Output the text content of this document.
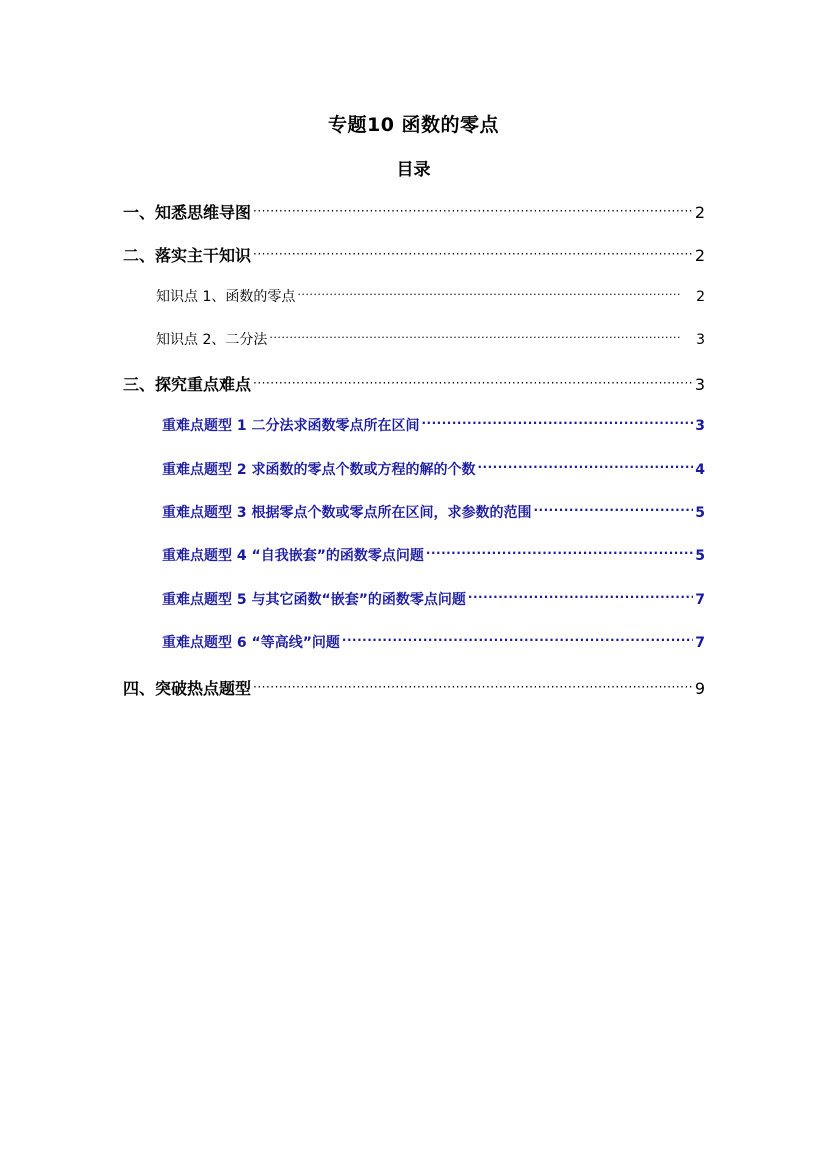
专题10 函数的零点
目录
一、知悉思维导图 ·····	2
二、落实主干知识 ·····	2
知识点 1、函数的零点 ·····	2
知识点 2、二分法 ·····	3
三、探究重点难点 ·····	3
重难点题型 1 二分法求函数零点所在区间 ·····	3
重难点题型 2 求函数的零点个数或方程的解的个数 ·····	4
重难点题型 3 根据零点个数或零点所在区间，求参数的范围 ·····	5
重难点题型 4 “自我嵌套”的函数零点问题 ·····	5
重难点题型 5 与其它函数“嵌套”的函数零点问题 ·····	7
重难点题型 6 “等高线”问题 ·····	7
四、突破热点题型 ·····	9
